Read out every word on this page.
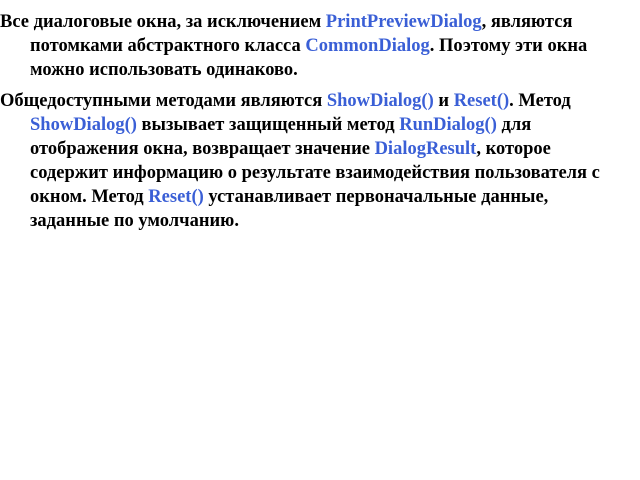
Все диалоговые окна, за исключением PrintPreviewDialog, являются потомками абстрактного класса CommonDialog. Поэтому эти окна можно использовать одинаково.

Общедоступными методами являются ShowDialog() и Reset(). Метод ShowDialog() вызывает защищенный метод RunDialog() для отображения окна, возвращает значение DialogResult, которое содержит информацию о результате взаимодействия пользователя с окном. Метод Reset() устанавливает первоначальные данные, заданные по умолчанию.
